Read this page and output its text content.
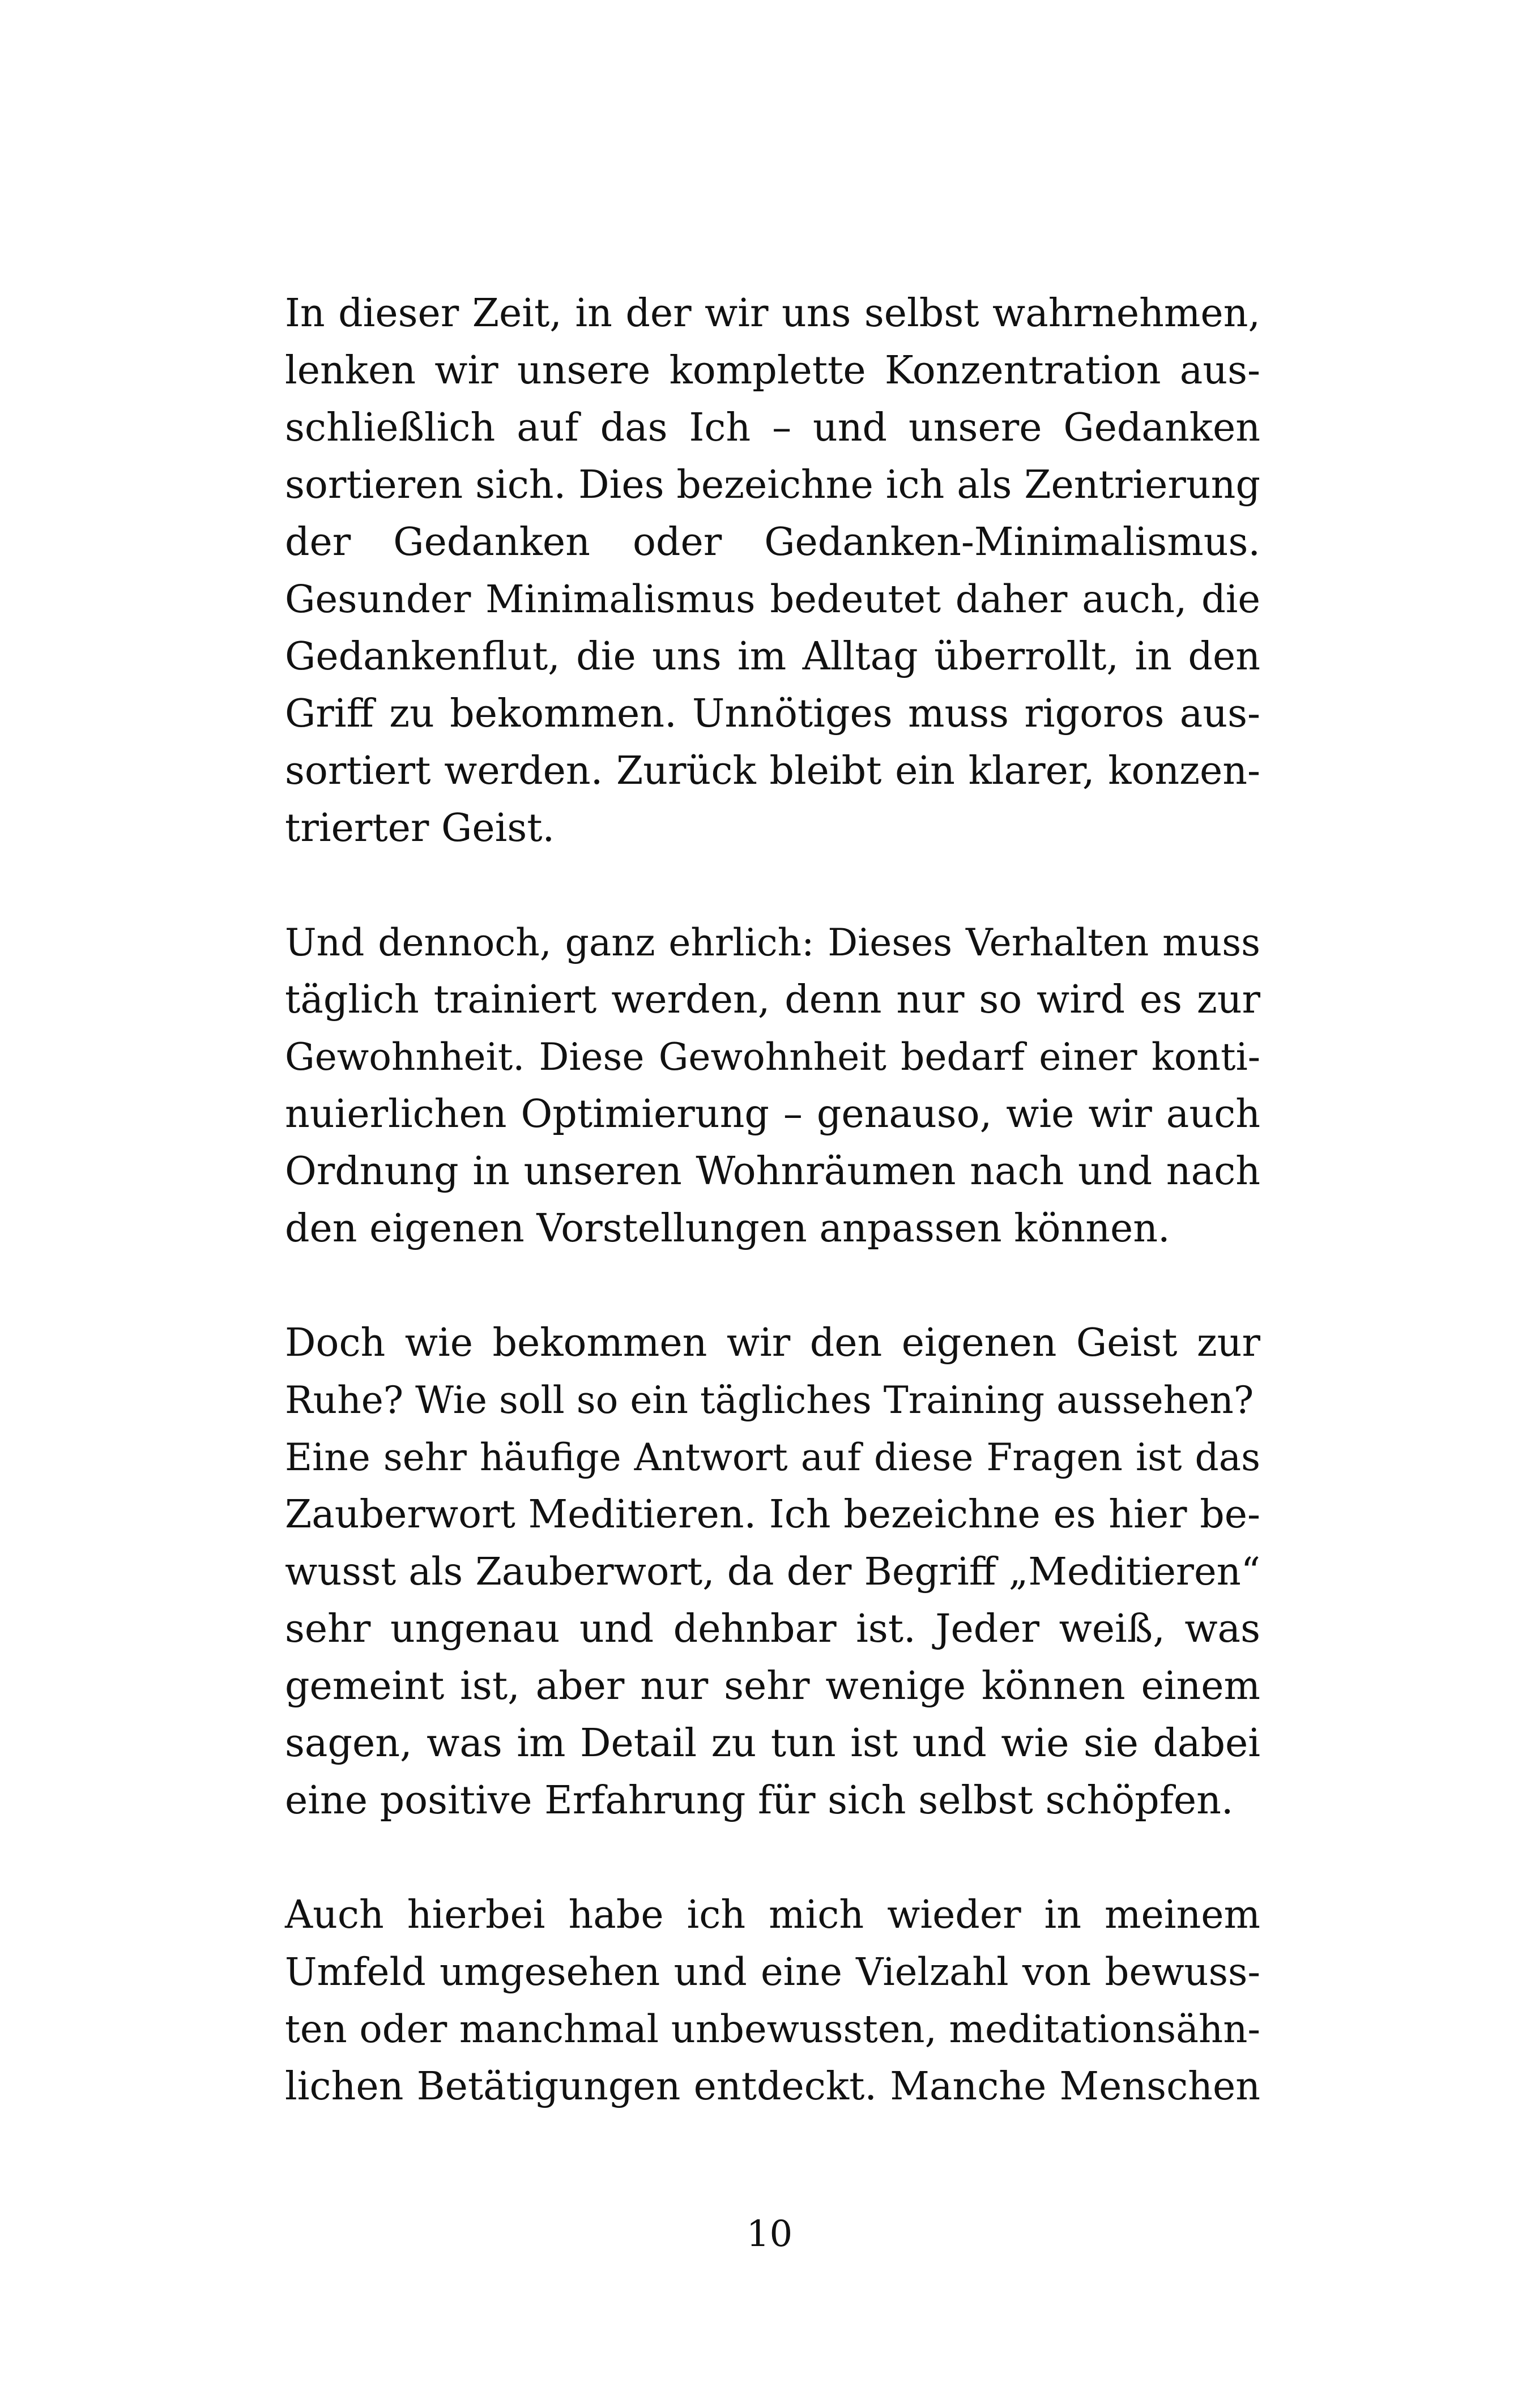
In dieser Zeit, in der wir uns selbst wahrnehmen,
lenken wir unsere komplette Konzentration aus-
schließlich auf das Ich – und unsere Gedanken
sortieren sich. Dies bezeichne ich als Zentrierung
der Gedanken oder Gedanken-Minimalismus.
Gesunder Minimalismus bedeutet daher auch, die
Gedankenflut, die uns im Alltag überrollt, in den
Griff zu bekommen. Unnötiges muss rigoros aus-
sortiert werden. Zurück bleibt ein klarer, konzen-
trierter Geist.
Und dennoch, ganz ehrlich: Dieses Verhalten muss
täglich trainiert werden, denn nur so wird es zur
Gewohnheit. Diese Gewohnheit bedarf einer konti-
nuierlichen Optimierung – genauso, wie wir auch
Ordnung in unseren Wohnräumen nach und nach
den eigenen Vorstellungen anpassen können.
Doch wie bekommen wir den eigenen Geist zur
Ruhe? Wie soll so ein tägliches Training aussehen?
Eine sehr häufige Antwort auf diese Fragen ist das
Zauberwort Meditieren. Ich bezeichne es hier be-
wusst als Zauberwort, da der Begriff „Meditieren“
sehr ungenau und dehnbar ist. Jeder weiß, was
gemeint ist, aber nur sehr wenige können einem
sagen, was im Detail zu tun ist und wie sie dabei
eine positive Erfahrung für sich selbst schöpfen.
Auch hierbei habe ich mich wieder in meinem
Umfeld umgesehen und eine Vielzahl von bewuss-
ten oder manchmal unbewussten, meditationsähn-
lichen Betätigungen entdeckt. Manche Menschen
10
